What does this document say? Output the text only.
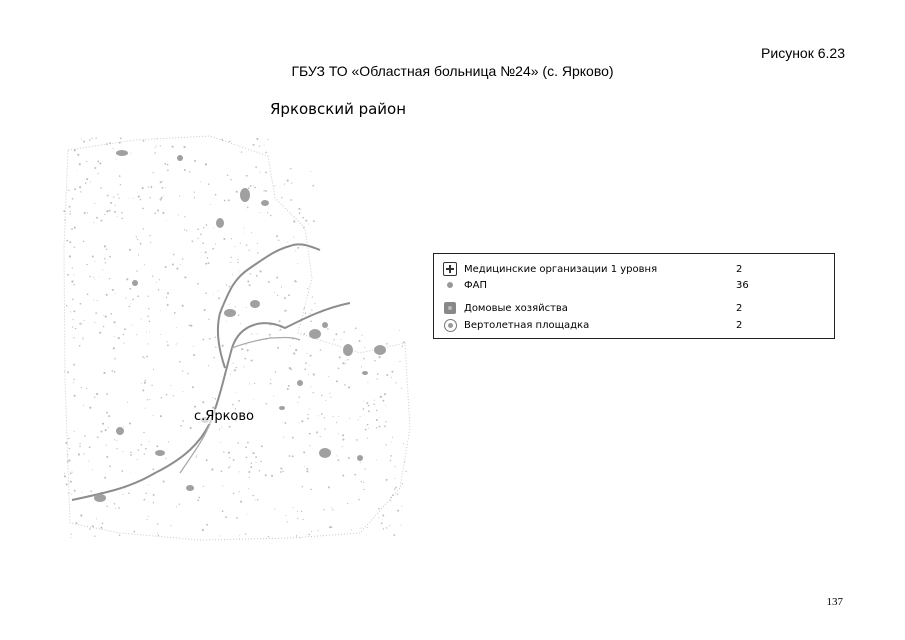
Рисунок 6.23
ГБУЗ ТО «Областная больница №24» (с. Ярково)
Ярковский район
с.Ярково
Медицинские организации 1 уровня	2
ФАП	36
Домовые хозяйства	2
Вертолетная площадка	2
137
